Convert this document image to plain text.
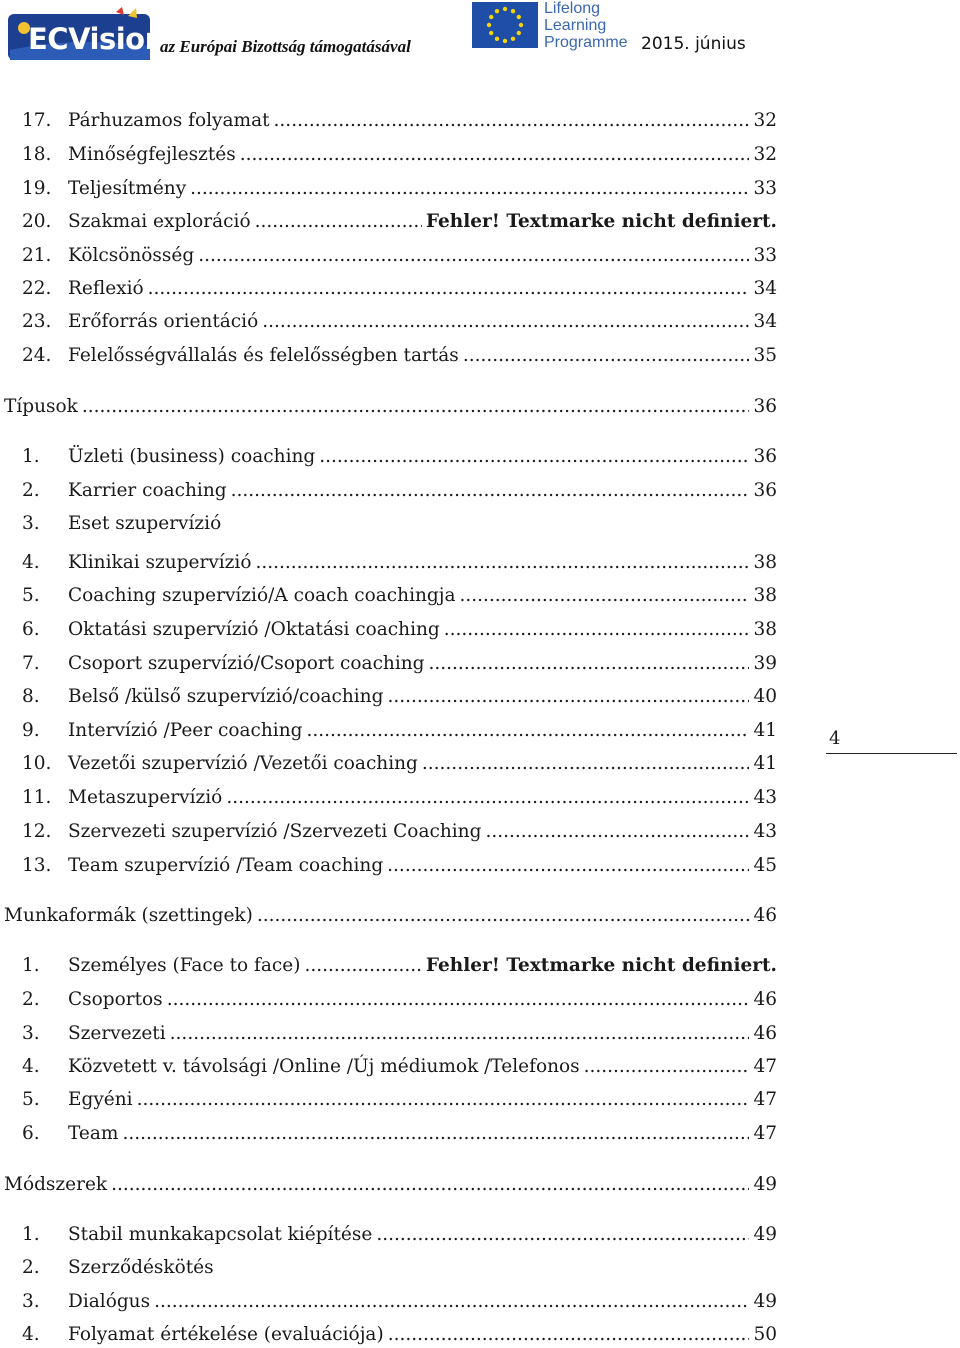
ECVision
az Európai Bizottság támogatásával
Lifelong
Learning
Programme 2015. június
17. Párhuzamos folyamat .....	32
18. Minőségfejlesztés .....	32
19. Teljesítmény .....	33
20. Szakmai exploráció .....	Fehler! Textmarke nicht definiert.
21. Kölcsönösség .....	33
22. Reflexió .....	34
23. Erőforrás orientáció .....	34
24. Felelősségvállalás és felelősségben tartás .....	35
Típusok .....	36
1. Üzleti (business) coaching .....	36
2. Karrier coaching .....	36
3. Eset szupervízió
4. Klinikai szupervízió .....	38
5. Coaching szupervízió/A coach coachingja .....	38
6. Oktatási szupervízió /Oktatási coaching .....	38
7. Csoport szupervízió/Csoport coaching .....	39
8. Belső /külső szupervízió/coaching .....	40
9. Intervízió /Peer coaching .....	41
10. Vezetői szupervízió /Vezetői coaching .....	41
11. Metaszupervízió .....	43
12. Szervezeti szupervízió /Szervezeti Coaching .....	43
13. Team szupervízió /Team coaching .....	45
Munkaformák (szettingek) .....	46
1. Személyes (Face to face) .....	Fehler! Textmarke nicht definiert.
2. Csoportos .....	46
3. Szervezeti .....	46
4. Közvetett v. távolsági /Online /Új médiumok /Telefonos .....	47
5. Egyéni .....	47
6. Team .....	47
Módszerek .....	49
1. Stabil munkakapcsolat kiépítése .....	49
2. Szerződéskötés
3. Dialógus .....	49
4. Folyamat értékelése (evaluációja) .....	50
4
